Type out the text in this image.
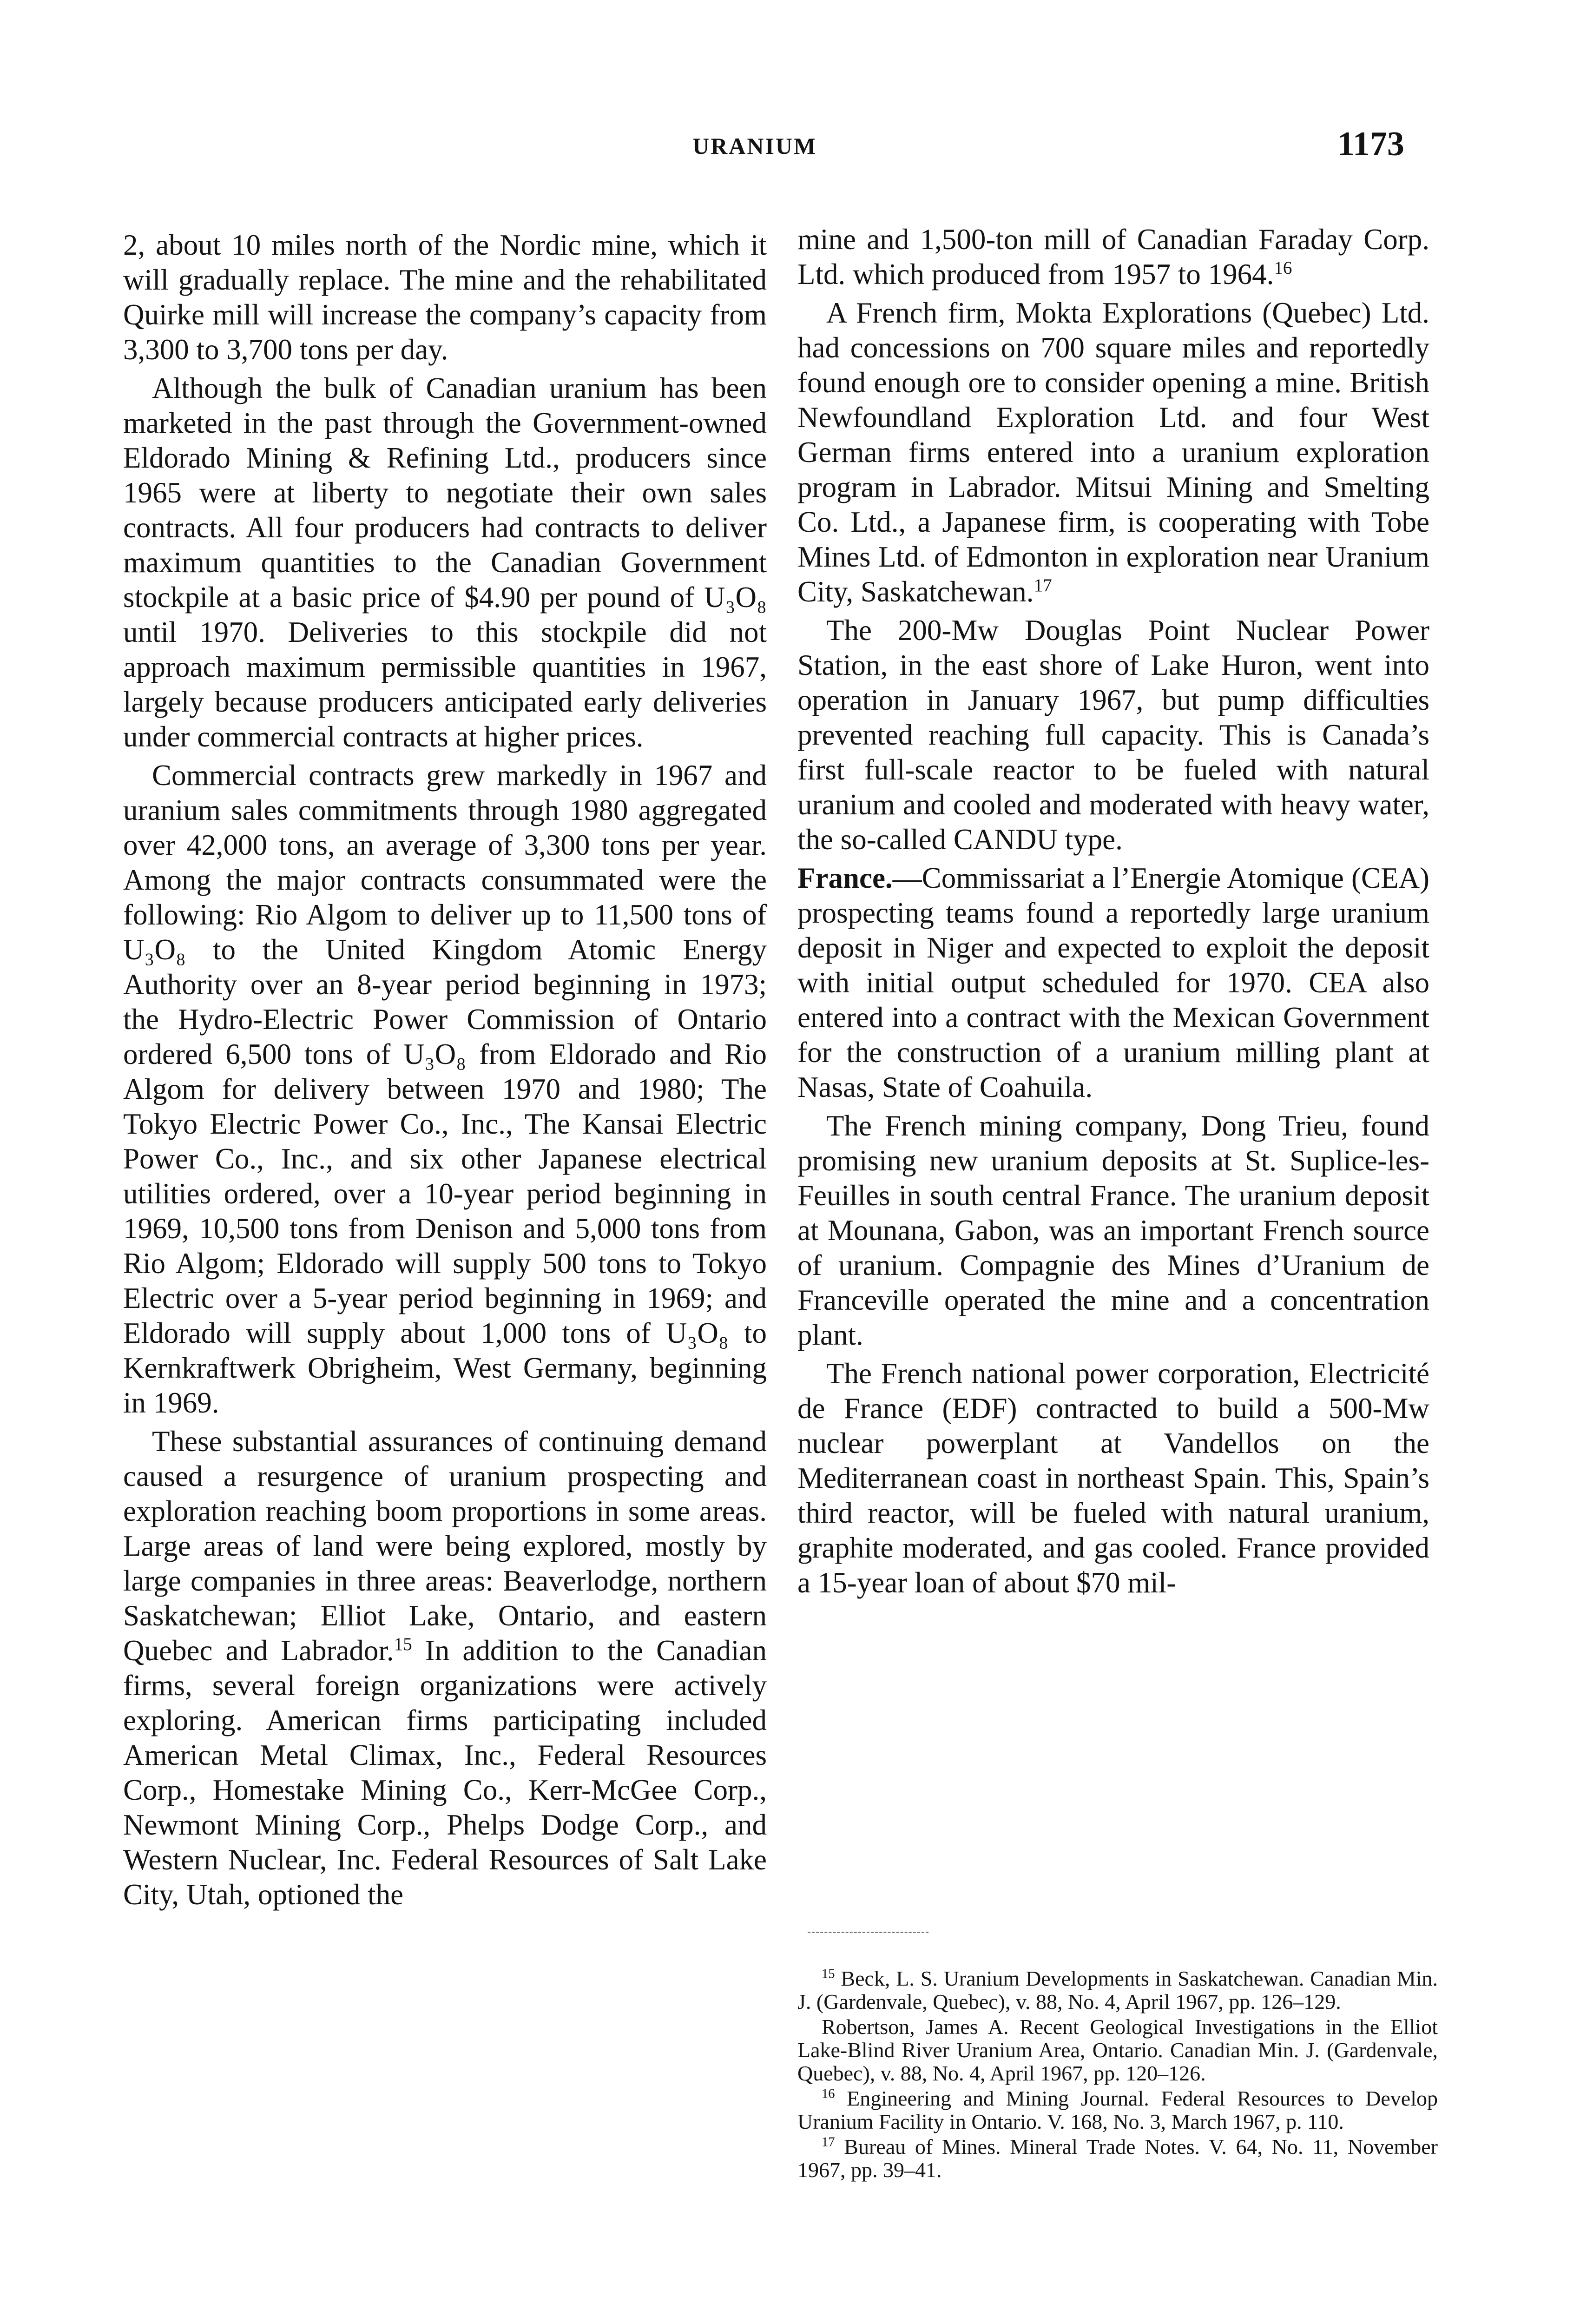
URANIUM	1173

2, about 10 miles north of the Nordic mine, which it will gradually replace. The mine and the rehabilitated Quirke mill will increase the company’s capacity from 3,300 to 3,700 tons per day.

Although the bulk of Canadian uranium has been marketed in the past through the Government-owned Eldorado Mining & Refining Ltd., producers since 1965 were at liberty to negotiate their own sales contracts. All four producers had contracts to deliver maximum quantities to the Canadian Government stockpile at a basic price of $4.90 per pound of U₃O₈ until 1970. Deliveries to this stockpile did not approach maximum permissible quantities in 1967, largely because producers anticipated early deliveries under commercial contracts at higher prices.

Commercial contracts grew markedly in 1967 and uranium sales commitments through 1980 aggregated over 42,000 tons, an average of 3,300 tons per year. Among the major contracts consummated were the following: Rio Algom to deliver up to 11,500 tons of U₃O₈ to the United Kingdom Atomic Energy Authority over an 8-year period beginning in 1973; the Hydro-Electric Power Commission of Ontario ordered 6,500 tons of U₃O₈ from Eldorado and Rio Algom for delivery between 1970 and 1980; The Tokyo Electric Power Co., Inc., The Kansai Electric Power Co., Inc., and six other Japanese electrical utilities ordered, over a 10-year period beginning in 1969, 10,500 tons from Denison and 5,000 tons from Rio Algom; Eldorado will supply 500 tons to Tokyo Electric over a 5-year period beginning in 1969; and Eldorado will supply about 1,000 tons of U₃O₈ to Kernkraftwerk Obrigheim, West Germany, beginning in 1969.

These substantial assurances of continuing demand caused a resurgence of uranium prospecting and exploration reaching boom proportions in some areas. Large areas of land were being explored, mostly by large companies in three areas: Beaverlodge, northern Saskatchewan; Elliot Lake, Ontario, and eastern Quebec and Labrador.$^{15}$ In addition to the Canadian firms, several foreign organizations were actively exploring. American firms participating included American Metal Climax, Inc., Federal Resources Corp., Homestake Mining Co., Kerr-McGee Corp., Newmont Mining Corp., Phelps Dodge Corp., and Western Nuclear, Inc. Federal Resources of Salt Lake City, Utah, optioned the

mine and 1,500-ton mill of Canadian Faraday Corp. Ltd. which produced from 1957 to 1964.16

A French firm, Mokta Explorations (Quebec) Ltd. had concessions on 700 square miles and reportedly found enough ore to consider opening a mine. British Newfoundland Exploration Ltd. and four West German firms entered into a uranium exploration program in Labrador. Mitsui Mining and Smelting Co. Ltd., a Japanese firm, is cooperating with Tobe Mines Ltd. of Edmonton in exploration near Uranium City, Saskatchewan.$^{17}$

The 200-Mw Douglas Point Nuclear Power Station, in the east shore of Lake Huron, went into operation in January 1967, but pump difficulties prevented reaching full capacity. This is Canada’s first full-scale reactor to be fueled with natural uranium and cooled and moderated with heavy water, the so-called CANDU type.

France.—Commissariat a l’Energie Atomique (CEA) prospecting teams found a reportedly large uranium deposit in Niger and expected to exploit the deposit with initial output scheduled for 1970. CEA also entered into a contract with the Mexican Government for the construction of a uranium milling plant at Nasas, State of Coahuila.

The French mining company, Dong Trieu, found promising new uranium deposits at St. Suplice-les-Feuilles in south central France. The uranium deposit at Mounana, Gabon, was an important French source of uranium. Compagnie des Mines d’Uranium de Franceville operated the mine and a concentration plant.

The French national power corporation, Electricité de France (EDF) contracted to build a 500-Mw nuclear powerplant at Vandellos on the Mediterranean coast in northeast Spain. This, Spain’s third reactor, will be fueled with natural uranium, graphite moderated, and gas cooled. France provided a 15-year loan of about $70 mil-

$^{15}$ Beck, L. S. Uranium Developments in Saskatchewan. Canadian Min. J. (Gardenvale, Quebec), v. 88, No. 4, April 1967, pp. 126–129.

Robertson, James A. Recent Geological Investigations in the Elliot Lake-Blind River Uranium Area, Ontario. Canadian Min. J. (Gardenvale, Quebec), v. 88, No. 4, April 1967, pp. 120–126.

$^{16}$ Engineering and Mining Journal. Federal Resources to Develop Uranium Facility in Ontario. V. 168, No. 3, March 1967, p. 110.

$^{17}$ Bureau of Mines. Mineral Trade Notes. V. 64, No. 11, November 1967, pp. 39–41.
